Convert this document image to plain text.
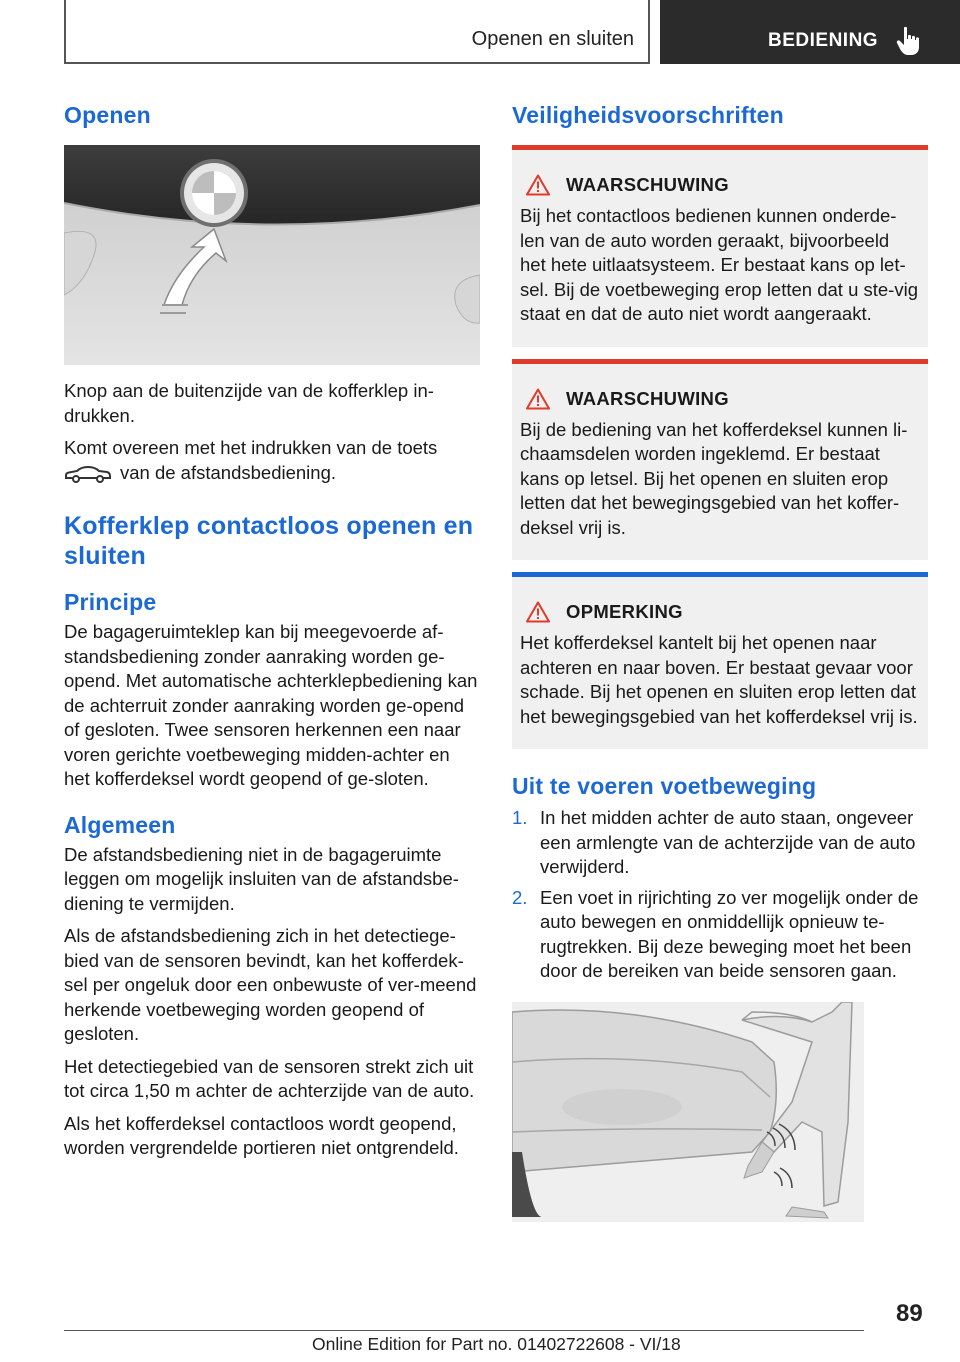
Openen en sluiten	BEDIENING
Openen

Knop aan de buitenzijde van de kofferklep in-drukken.

Komt overeen met het indrukken van de toets
van de afstandsbediening.

Kofferklep contactloos openen en sluiten
Principe

De bagageruimteklep kan bij meegevoerde af-standsbediening zonder aanraking worden ge-opend. Met automatische achterklepbediening kan de achterruit zonder aanraking worden ge-opend of gesloten. Twee sensoren herkennen een naar voren gerichte voetbeweging midden-achter en het kofferdeksel wordt geopend of ge-sloten.

Algemeen

De afstandsbediening niet in de bagageruimte leggen om mogelijk insluiten van de afstandsbe-diening te vermijden.

Als de afstandsbediening zich in het detectiege-bied van de sensoren bevindt, kan het kofferdek-sel per ongeluk door een onbewuste of ver-meend herkende voetbeweging worden geopend of gesloten.

Het detectiegebied van de sensoren strekt zich uit tot circa 1,50 m achter de achterzijde van de auto.

Als het kofferdeksel contactloos wordt geopend, worden vergrendelde portieren niet ontgrendeld.

Veiligheidsvoorschriften
WAARSCHUWING

Bij het contactloos bedienen kunnen onderde-len van de auto worden geraakt, bijvoorbeeld het hete uitlaatsysteem. Er bestaat kans op let-sel. Bij de voetbeweging erop letten dat u ste-vig staat en dat de auto niet wordt aangeraakt.

WAARSCHUWING

Bij de bediening van het kofferdeksel kunnen li-chaamsdelen worden ingeklemd. Er bestaat kans op letsel. Bij het openen en sluiten erop letten dat het bewegingsgebied van het koffer-deksel vrij is.

OPMERKING

Het kofferdeksel kantelt bij het openen naar achteren en naar boven. Er bestaat gevaar voor schade. Bij het openen en sluiten erop letten dat het bewegingsgebied van het kofferdeksel vrij is.

Uit te voeren voetbeweging
1. In het midden achter de auto staan, ongeveer een armlengte van de achterzijde van de auto verwijderd.
2. Een voet in rijrichting zo ver mogelijk onder de auto bewegen en onmiddellijk opnieuw te-rugtrekken. Bij deze beweging moet het been door de bereiken van beide sensoren gaan.
89
Online Edition for Part no. 01402722608 - VI/18
